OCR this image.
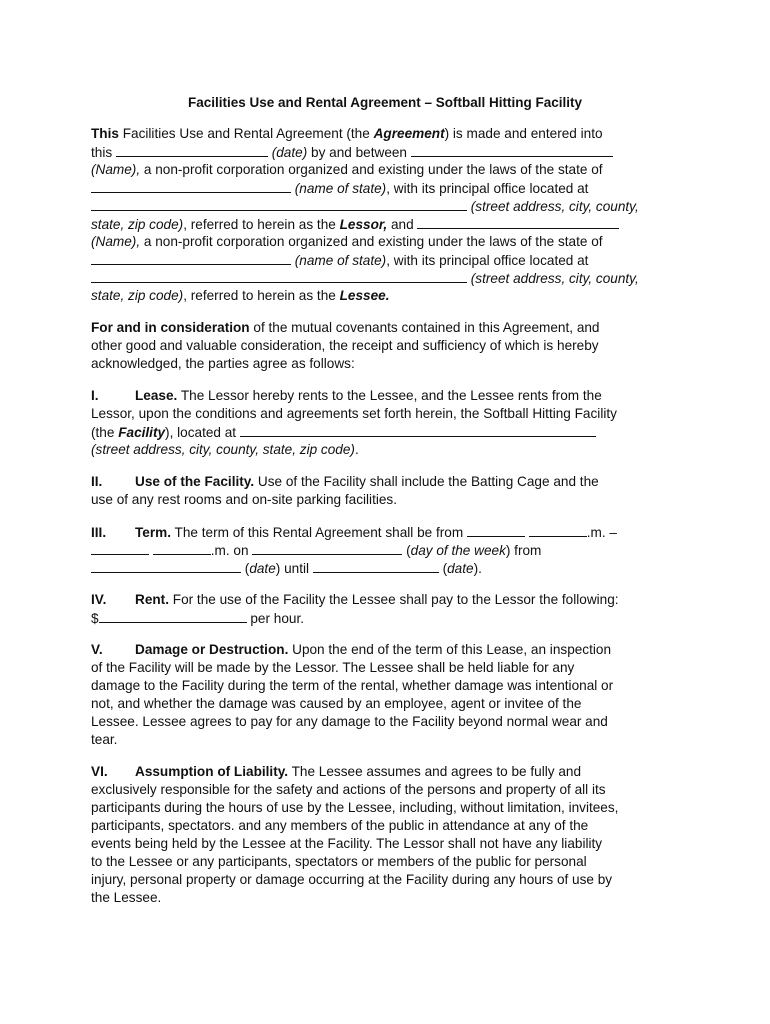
Facilities Use and Rental Agreement – Softball Hitting Facility
This Facilities Use and Rental Agreement (the Agreement) is made and entered into
this	(date) by and between
(Name), a non-profit corporation organized and existing under the laws of the state of
(name of state), with its principal office located at
(street address, city, county,
state, zip code), referred to herein as the Lessor, and
(Name), a non-profit corporation organized and existing under the laws of the state of
(name of state), with its principal office located at
(street address, city, county,
state, zip code), referred to herein as the Lessee.
For and in consideration of the mutual covenants contained in this Agreement, and
other good and valuable consideration, the receipt and sufficiency of which is hereby
acknowledged, the parties agree as follows:
I.	Lease. The Lessor hereby rents to the Lessee, and the Lessee rents from the
Lessor, upon the conditions and agreements set forth herein, the Softball Hitting Facility
(the Facility), located at
(street address, city, county, state, zip code).
II. Use of the Facility. Use of the Facility shall include the Batting Cage and the
use of any rest rooms and on-site parking facilities.
III. Term. The term of this Rental Agreement shall be from	.m. –
.m. on	(day of the week) from
(date) until	(date).
IV. Rent. For the use of the Facility the Lessee shall pay to the Lessor the following:
$	per hour.
V. Damage or Destruction. Upon the end of the term of this Lease, an inspection
of the Facility will be made by the Lessor. The Lessee shall be held liable for any
damage to the Facility during the term of the rental, whether damage was intentional or
not, and whether the damage was caused by an employee, agent or invitee of the
Lessee. Lessee agrees to pay for any damage to the Facility beyond normal wear and
tear.
VI. Assumption of Liability. The Lessee assumes and agrees to be fully and
exclusively responsible for the safety and actions of the persons and property of all its
participants during the hours of use by the Lessee, including, without limitation, invitees,
participants, spectators. and any members of the public in attendance at any of the
events being held by the Lessee at the Facility. The Lessor shall not have any liability
to the Lessee or any participants, spectators or members of the public for personal
injury, personal property or damage occurring at the Facility during any hours of use by
the Lessee.
